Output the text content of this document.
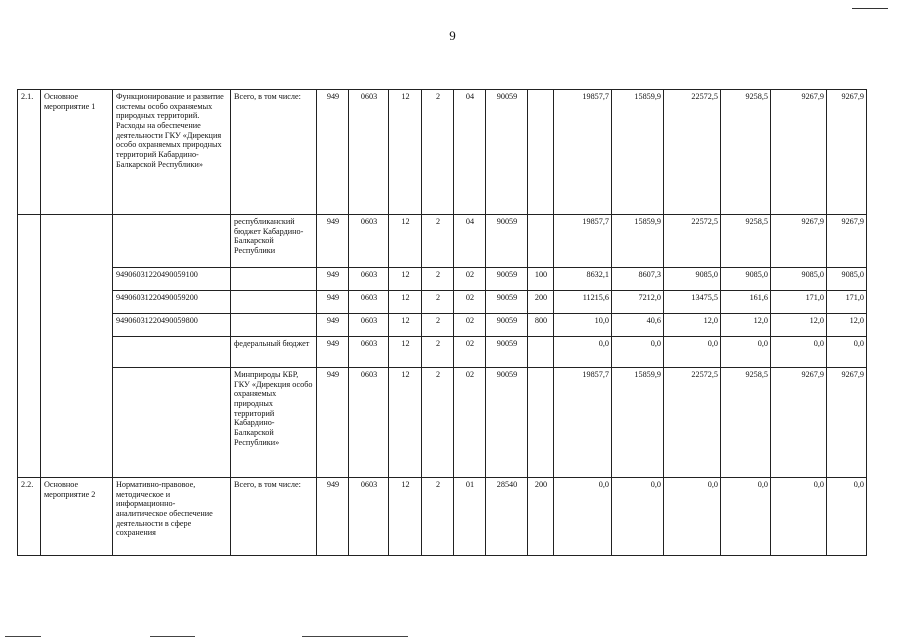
9
2.1.	Основное мероприятие 1	Функционирование и развитие системы особо охраняемых природных территорий. Расходы на обеспечение деятельности ГКУ «Дирекция особо охраняемых природных территорий Кабардино-Балкарской Республики»	Всего, в том числе:	949	0603	12	2	04	90059		19857,7	15859,9	22572,5	9258,5	9267,9	9267,9
			республиканский бюджет Кабардино- Балкарской Республики	949	0603	12	2	04	90059		19857,7	15859,9	22572,5	9258,5	9267,9	9267,9
		94906031220490059100		949	0603	12	2	02	90059	100	8632,1	8607,3	9085,0	9085,0	9085,0	9085,0
		94906031220490059200		949	0603	12	2	02	90059	200	11215,6	7212,0	13475,5	161,6	171,0	171,0
		94906031220490059800		949	0603	12	2	02	90059	800	10,0	40,6	12,0	12,0	12,0	12,0
			федеральный бюджет	949	0603	12	2	02	90059		0,0	0,0	0,0	0,0	0,0	0,0
			Минприроды КБР, ГКУ «Дирекция особо охраняемых природных территорий Кабардино- Балкарской Республики»	949	0603	12	2	02	90059		19857,7	15859,9	22572,5	9258,5	9267,9	9267,9
2.2.	Основное мероприятие 2	Нормативно-правовое, методическое и информационно- аналитическое обеспечение деятельности в сфере сохранения	Всего, в том числе:	949	0603	12	2	01	28540	200	0,0	0,0	0,0	0,0	0,0	0,0
